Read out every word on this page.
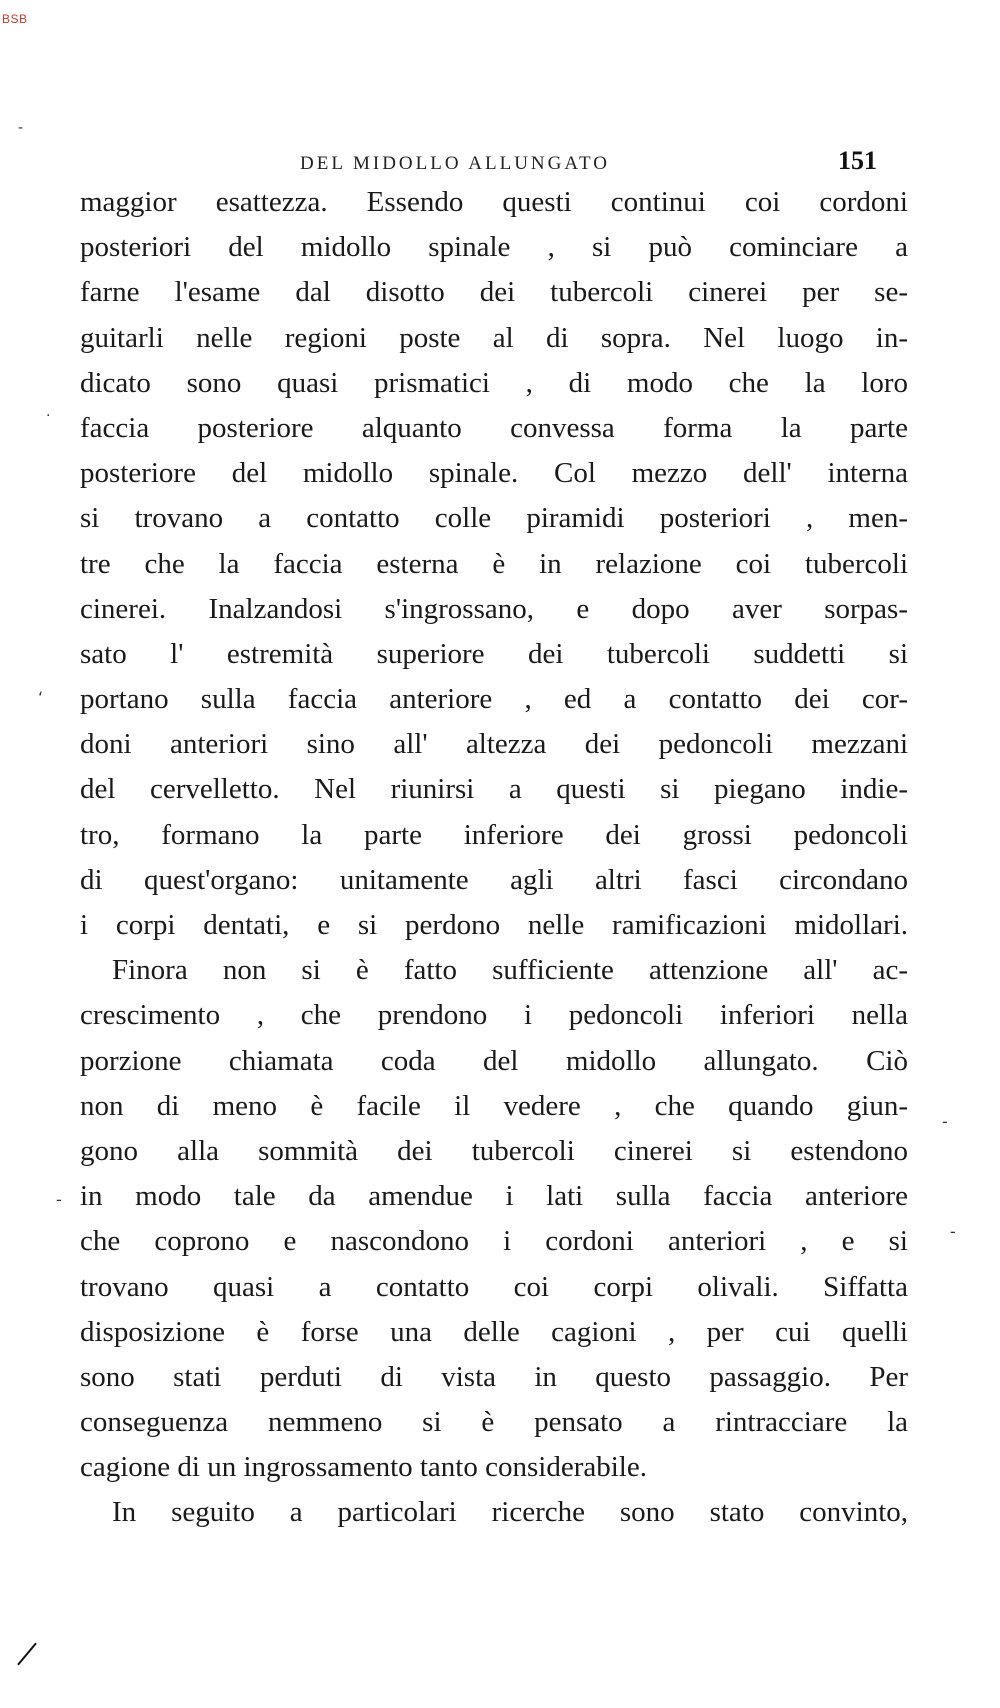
BSB
DEL MIDOLLO ALLUNGATO	151
maggior esattezza. Essendo questi continui coi cordoni
posteriori del midollo spinale , si può cominciare a
farne l'esame dal disotto dei tubercoli cinerei per se-
guitarli nelle regioni poste al di sopra. Nel luogo in-
dicato sono quasi prismatici , di modo che la loro
faccia posteriore alquanto convessa forma la parte
posteriore del midollo spinale. Col mezzo dell' interna
si trovano a contatto colle piramidi posteriori , men-
tre che la faccia esterna è in relazione coi tubercoli
cinerei. Inalzandosi s'ingrossano, e dopo aver sorpas-
sato l' estremità superiore dei tubercoli suddetti si
portano sulla faccia anteriore , ed a contatto dei cor-
doni anteriori sino all' altezza dei pedoncoli mezzani
del cervelletto. Nel riunirsi a questi si piegano indie-
tro, formano la parte inferiore dei grossi pedoncoli
di quest'organo: unitamente agli altri fasci circondano
i corpi dentati, e si perdono nelle ramificazioni midollari.
Finora non si è fatto sufficiente attenzione all' ac-
crescimento , che prendono i pedoncoli inferiori nella
porzione chiamata coda del midollo allungato. Ciò
non di meno è facile il vedere , che quando giun-
gono alla sommità dei tubercoli cinerei si estendono
in modo tale da amendue i lati sulla faccia anteriore
che coprono e nascondono i cordoni anteriori , e si
trovano quasi a contatto coi corpi olivali. Siffatta
disposizione è forse una delle cagioni , per cui quelli
sono stati perduti di vista in questo passaggio. Per
conseguenza nemmeno si è pensato a rintracciare la
cagione di un ingrossamento tanto considerabile.
In seguito a particolari ricerche sono stato convinto,
‐
·
‘
-
-
‐
